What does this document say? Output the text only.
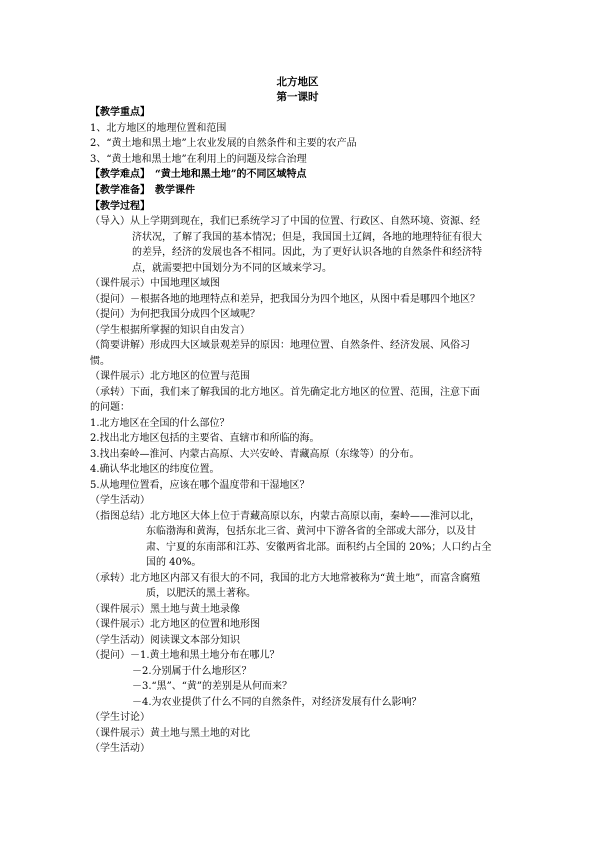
北方地区
第一课时
【教学重点】
1、北方地区的地理位置和范围
2、“黄土地和黑土地”上农业发展的自然条件和主要的农产品
3、“黄土地和黑土地”在利用上的问题及综合治理
【教学难点】　“黄土地和黑土地”的不同区域特点
【教学准备】　教学课件
【教学过程】
（导入）从上学期到现在，我们已系统学习了中国的位置、行政区、自然环境、资源、经
济状况，了解了我国的基本情况；但是，我国国土辽阔，各地的地理特征有很大
的差异，经济的发展也各不相同。因此，为了更好认识各地的自然条件和经济特
点，就需要把中国划分为不同的区域来学习。
（课件展示）中国地理区域图
（提问）－根据各地的地理特点和差异，把我国分为四个地区，从图中看是哪四个地区？
（提问）为何把我国分成四个区域呢？
（学生根据所掌握的知识自由发言）
（简要讲解）形成四大区域景观差异的原因：地理位置、自然条件、经济发展、风俗习
惯。
（课件展示）北方地区的位置与范围
（承转）下面，我们来了解我国的北方地区。首先确定北方地区的位置、范围，注意下面
的问题：
1.北方地区在全国的什么部位？
2.找出北方地区包括的主要省、直辖市和所临的海。
3.找出秦岭—淮河、内蒙古高原、大兴安岭、青藏高原（东缘等）的分布。
4.确认华北地区的纬度位置。
5.从地理位置看，应该在哪个温度带和干湿地区？
（学生活动）
（指图总结）北方地区大体上位于青藏高原以东，内蒙古高原以南，秦岭——淮河以北，
东临渤海和黄海，包括东北三省、黄河中下游各省的全部或大部分，以及甘
肃、宁夏的东南部和江苏、安徽两省北部。面积约占全国的 20%；人口约占全
国的 40%。
（承转）北方地区内部又有很大的不同，我国的北方大地常被称为“黄土地”，而富含腐殖
质，以肥沃的黑土著称。
（课件展示）黑土地与黄土地录像
（课件展示）北方地区的位置和地形图
（学生活动）阅读课文本部分知识
（提问）－1.黄土地和黑土地分布在哪儿？
－2.分别属于什么地形区？
－3.“黑”、“黄”的差别是从何而来？
－4.为农业提供了什么不同的自然条件，对经济发展有什么影响？
（学生讨论）
（课件展示）黄土地与黑土地的对比
（学生活动）
